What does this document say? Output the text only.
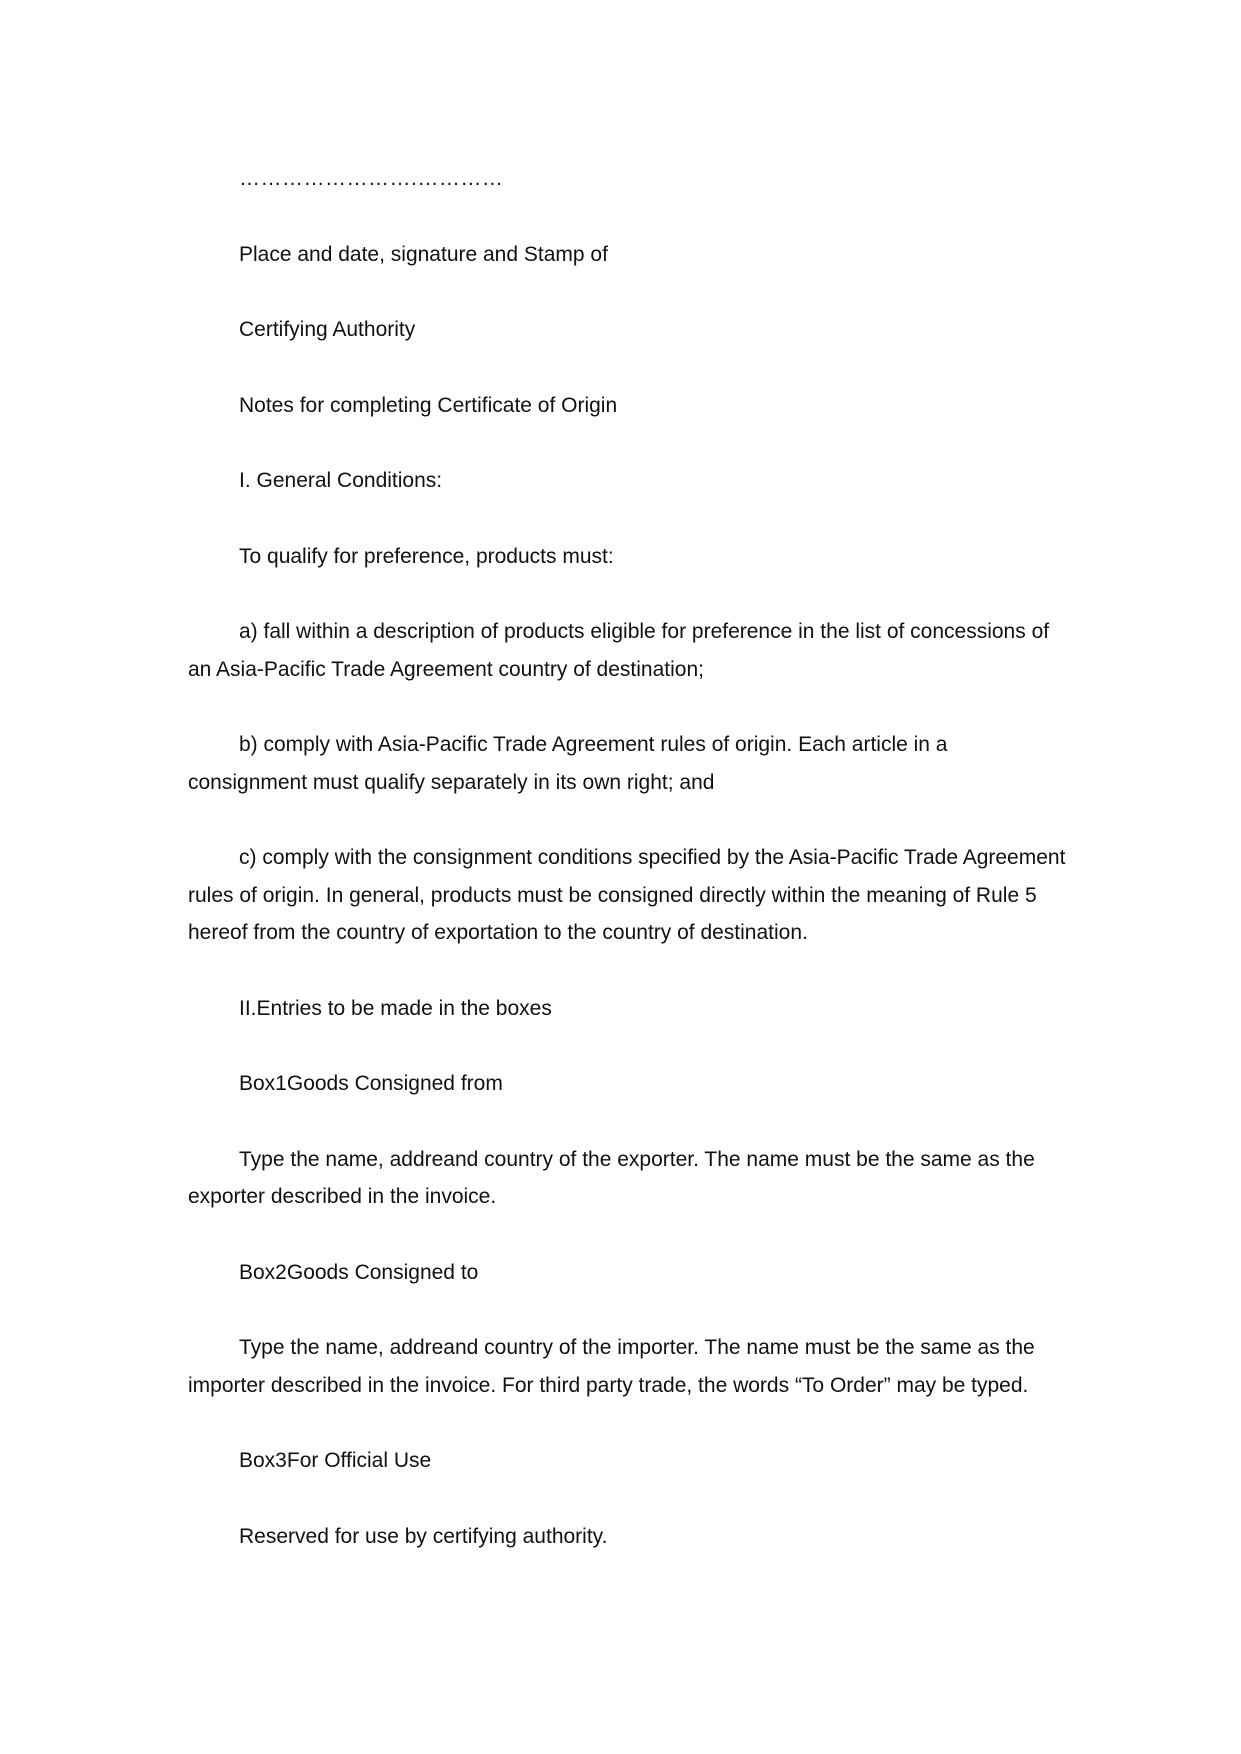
…………………….…………

Place and date, signature and Stamp of

Certifying Authority

Notes for completing Certificate of Origin

I. General Conditions:

To qualify for preference, products must:

a) fall within a description of products eligible for preference in the list of concessions of an Asia-Pacific Trade Agreement country of destination;

b) comply with Asia-Pacific Trade Agreement rules of origin. Each article in a consignment must qualify separately in its own right; and

c) comply with the consignment conditions specified by the Asia-Pacific Trade Agreement rules of origin. In general, products must be consigned directly within the meaning of Rule 5 hereof from the country of exportation to the country of destination.

II.Entries to be made in the boxes

Box1Goods Consigned from

Type the name, addreand country of the exporter. The name must be the same as the exporter described in the invoice.

Box2Goods Consigned to

Type the name, addreand country of the importer. The name must be the same as the importer described in the invoice. For third party trade, the words “To Order” may be typed.

Box3For Official Use

Reserved for use by certifying authority.
